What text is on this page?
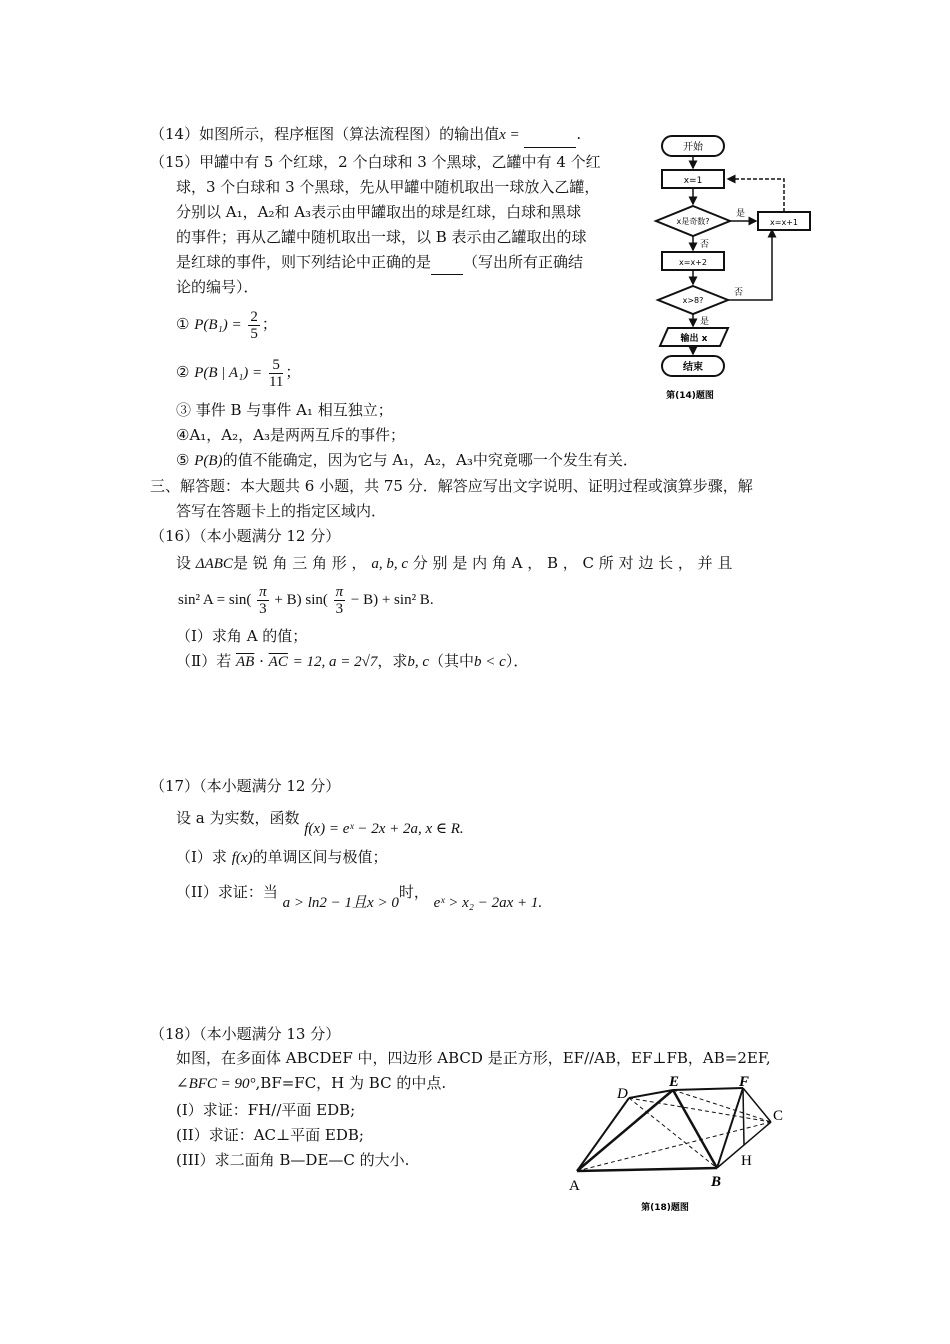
（14）如图所示，程序框图（算法流程图）的输出值x =	.
（15）甲罐中有 5 个红球，2 个白球和 3 个黑球，乙罐中有 4 个红
球，3 个白球和 3 个黑球，先从甲罐中随机取出一球放入乙罐，
分别以 A₁，A₂和 A₃表示由甲罐取出的球是红球，白球和黑球
的事件；再从乙罐中随机取出一球，以 B 表示由乙罐取出的球
是红球的事件，则下列结论中正确的是 （写出所有正确结
论的编号）．
① $P(B_1) = \frac{2}{5}$ ；
② P(B | $A_1) = \frac{5}{11}$ ；
③ 事件 B 与事件 A₁ 相互独立；
④A₁，A₂，A₃是两两互斥的事件；
⑤ P(B)的值不能确定，因为它与 A₁，A₂，A₃中究竟哪一个发生有关．
开始
x=1
x是奇数?
是
x=x+1
否
x=x+2
x>8?
否
是
输出 x
结束
第(14)题图
三、解答题：本大题共 6 小题，共 75 分．解答应写出文字说明、证明过程或演算步骤，解
答写在答题卡上的指定区域内．
（16）（本小题满分 12 分）
设 ΔABC是 锐 角 三 角 形 ， a, b, c 分 别 是 内 角 A ， B ， C 所 对 边 长 ， 并 且
sin² $A = \sin( \frac{\pi}{3} + B)$ $\sin( \frac{\pi}{3} - B) + \sin^2$ B.
（Ⅰ）求角 A 的值；
（Ⅱ）若 $\overline{AB} \cdot \overline{AC} = 12$, a = 2√7，求b, c（其中b < c）．
（17）（本小题满分 12 分）
设 a 为实数，函数 f(x) = eˣ − 2x + 2a, x ∈ R.
（I）求 f(x)的单调区间与极值；
（II）求证：当 a > ln2 − 1且x > 0时， eˣ > x₂ − 2ax + 1.
（18）（本小题满分 13 分）
如图，在多面体 ABCDEF 中，四边形 ABCD 是正方形，EF//AB，EF⊥FB，AB=2EF,
∠BFC = 90°,BF=FC，H 为 BC 的中点.
(I）求证：FH//平面 EDB;
(II）求证：AC⊥平面 EDB;
(III）求二面角 B—DE—C 的大小.
A	B
C
D
E	F
H
第(18)题图
